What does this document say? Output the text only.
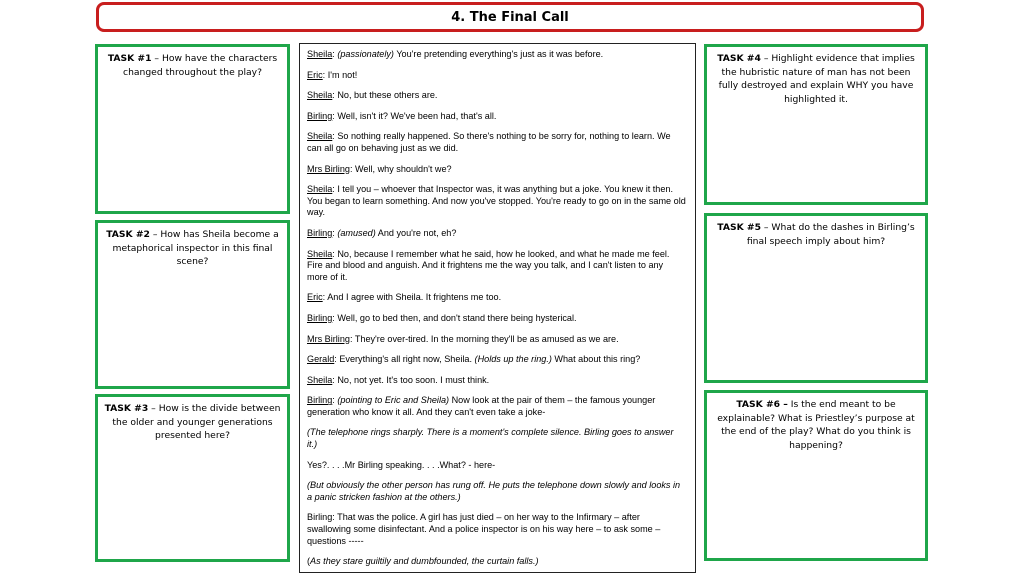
4. The Final Call
TASK #1 – How have the characters changed throughout the play?
TASK #2 – How has Sheila become a metaphorical inspector in this final scene?
TASK #3 – How is the divide between the older and younger generations presented here?
TASK #4 – Highlight evidence that implies the hubristic nature of man has not been fully destroyed and explain WHY you have highlighted it.
TASK #5 – What do the dashes in Birling’s final speech imply about him?
TASK #6 – Is the end meant to be explainable? What is Priestley’s purpose at the end of the play? What do you think is happening?

Sheila: (passionately) You're pretending everything's just as it was before.

Eric: I'm not!

Sheila: No, but these others are.

Birling: Well, isn't it? We've been had, that's all.

Sheila: So nothing really happened. So there's nothing to be sorry for, nothing to learn. We can all go on behaving just as we did.

Mrs Birling: Well, why shouldn't we?

Sheila: I tell you – whoever that Inspector was, it was anything but a joke. You knew it then. You began to learn something. And now you've stopped. You're ready to go on in the same old way.

Birling: (amused) And you're not, eh?

Sheila: No, because I remember what he said, how he looked, and what he made me feel. Fire and blood and anguish. And it frightens me the way you talk, and I can't listen to any more of it.

Eric: And I agree with Sheila. It frightens me too.

Birling: Well, go to bed then, and don't stand there being hysterical.

Mrs Birling: They're over-tired. In the morning they'll be as amused as we are.

Gerald: Everything's all right now, Sheila. (Holds up the ring.) What about this ring?

Sheila: No, not yet. It's too soon. I must think.

Birling: (pointing to Eric and Sheila) Now look at the pair of them – the famous younger generation who know it all. And they can't even take a joke-

(The telephone rings sharply. There is a moment's complete silence. Birling goes to answer it.)

Yes?. . . .Mr Birling speaking. . . .What? - here-

(But obviously the other person has rung off. He puts the telephone down slowly and looks in a panic stricken fashion at the others.)

Birling: That was the police. A girl has just died – on her way to the Infirmary – after swallowing some disinfectant. And a police inspector is on his way here – to ask some – questions -----

(As they stare guiltily and dumbfounded, the curtain falls.)
